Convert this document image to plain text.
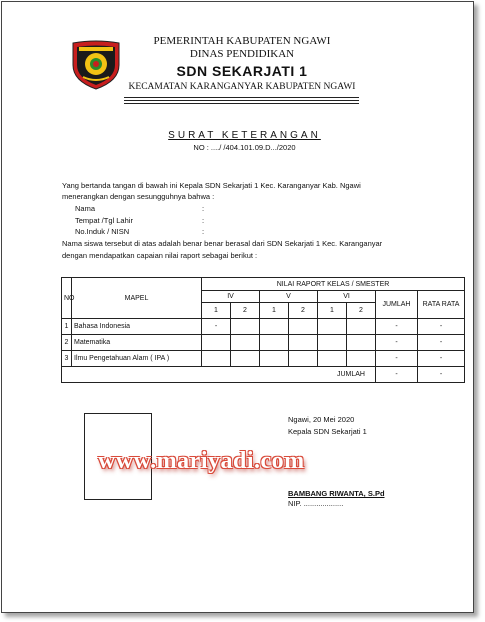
PEMERINTAH KABUPATEN NGAWI
DINAS PENDIDIKAN
SDN SEKARJATI 1
KECAMATAN KARANGANYAR KABUPATEN NGAWI
SURAT KETERANGAN
NO : ..../ /404.101.09.D.../2020
Yang bertanda tangan di bawah ini Kepala SDN Sekarjati 1 Kec. Karanganyar Kab. Ngawi
menerangkan dengan sesungguhnya bahwa :
Nama	:
Tempat /Tgl Lahir	:
No.Induk / NISN	:
Nama siswa tersebut di atas adalah benar benar berasal dari SDN Sekarjati 1 Kec. Karanganyar
dengan mendapatkan capaian nilai raport sebagai berikut :
NO	MAPEL	NILAI RAPORT KELAS / SMESTER							
		IV		V		VI		JUMLAH	RATA RATA
		1	2	1	2	1	2		
1	Bahasa Indonesia	-						-	-
2	Matematika							-	-
3	Ilmu Pengetahuan Alam ( IPA )							-	-
JUMLAH								-	-
Ngawi, 20 Mei 2020
Kepala SDN Sekarjati 1
BAMBANG RIWANTA, S.Pd
NIP. ...................
www.mariyadi.com
